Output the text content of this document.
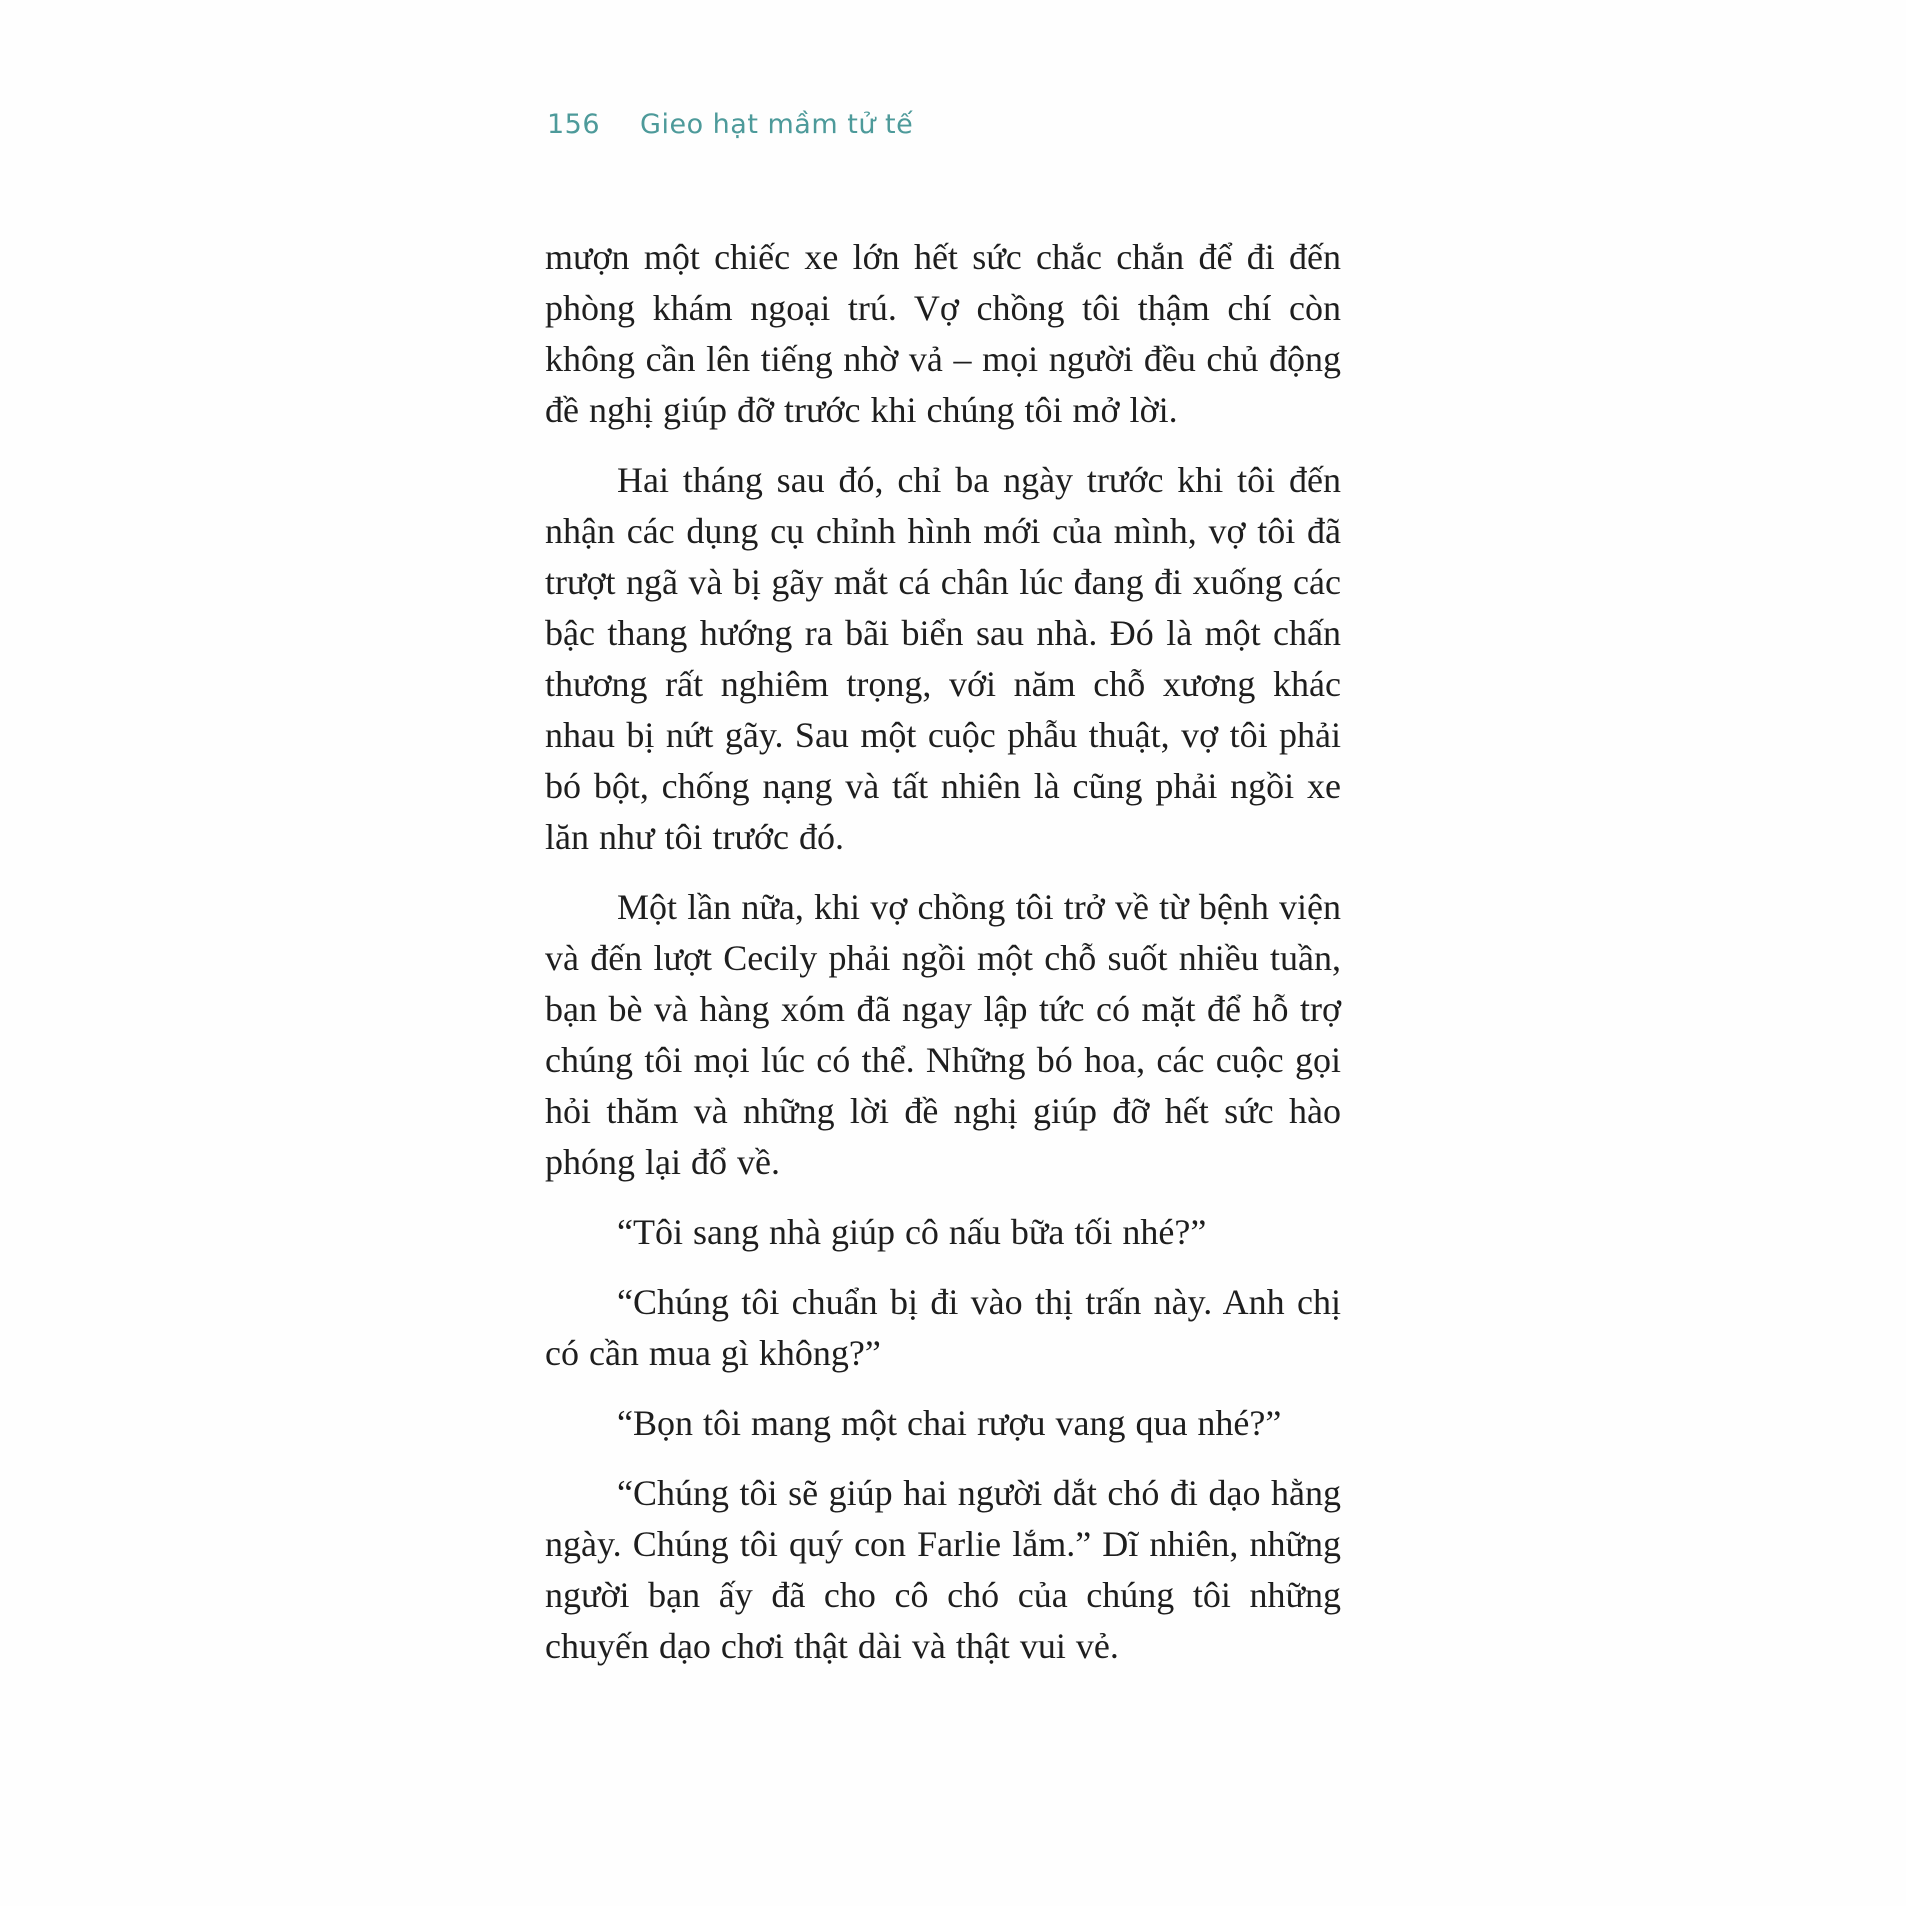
156 Gieo hạt mầm tử tế

mượn một chiếc xe lớn hết sức chắc chắn để đi đến phòng khám ngoại trú. Vợ chồng tôi thậm chí còn không cần lên tiếng nhờ vả – mọi người đều chủ động đề nghị giúp đỡ trước khi chúng tôi mở lời.

Hai tháng sau đó, chỉ ba ngày trước khi tôi đến nhận các dụng cụ chỉnh hình mới của mình, vợ tôi đã trượt ngã và bị gãy mắt cá chân lúc đang đi xuống các bậc thang hướng ra bãi biển sau nhà. Đó là một chấn thương rất nghiêm trọng, với năm chỗ xương khác nhau bị nứt gãy. Sau một cuộc phẫu thuật, vợ tôi phải bó bột, chống nạng và tất nhiên là cũng phải ngồi xe lăn như tôi trước đó.

Một lần nữa, khi vợ chồng tôi trở về từ bệnh viện và đến lượt Cecily phải ngồi một chỗ suốt nhiều tuần, bạn bè và hàng xóm đã ngay lập tức có mặt để hỗ trợ chúng tôi mọi lúc có thể. Những bó hoa, các cuộc gọi hỏi thăm và những lời đề nghị giúp đỡ hết sức hào phóng lại đổ về.

“Tôi sang nhà giúp cô nấu bữa tối nhé?”

“Chúng tôi chuẩn bị đi vào thị trấn này. Anh chị có cần mua gì không?”

“Bọn tôi mang một chai rượu vang qua nhé?”

“Chúng tôi sẽ giúp hai người dắt chó đi dạo hằng ngày. Chúng tôi quý con Farlie lắm.” Dĩ nhiên, những người bạn ấy đã cho cô chó của chúng tôi những chuyến dạo chơi thật dài và thật vui vẻ.
